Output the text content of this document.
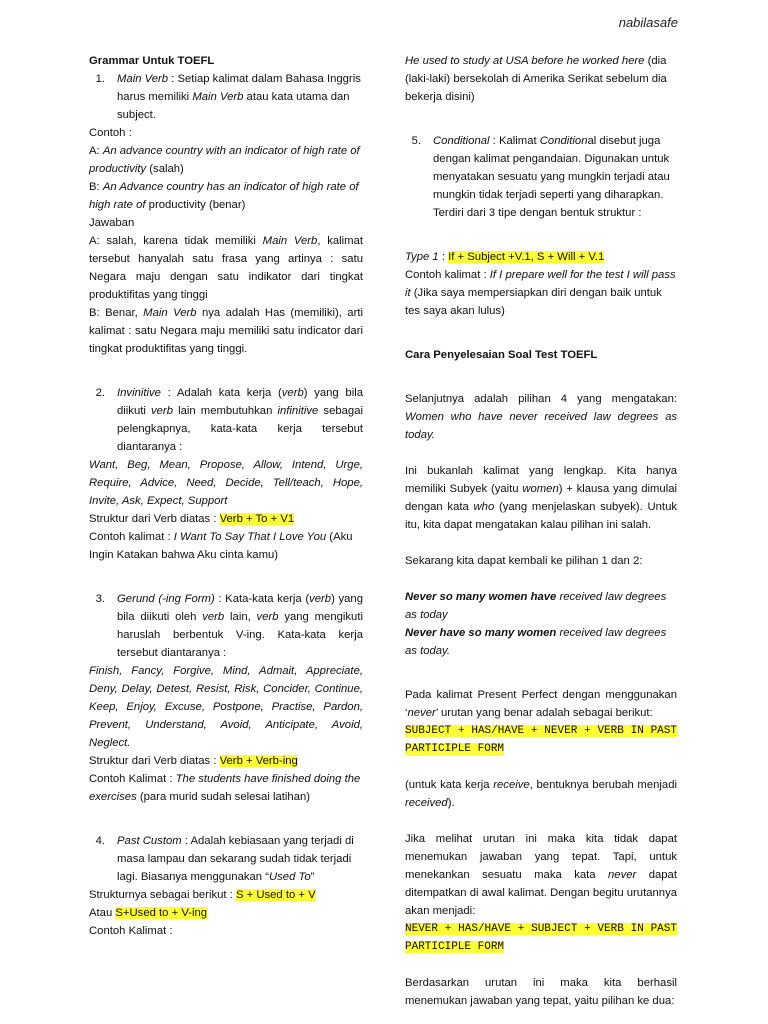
nabilasafe

Grammar Untuk TOEFL

1.	Main Verb : Setiap kalimat dalam Bahasa Inggris harus memiliki Main Verb atau kata utama dan subject.

Contoh :

A: An advance country with an indicator of high rate of productivity (salah)

B: An Advance country has an indicator of high rate of high rate of productivity (benar)

Jawaban

A: salah, karena tidak memiliki Main Verb, kalimat tersebut hanyalah satu frasa yang artinya : satu Negara maju dengan satu indikator dari tingkat produktifitas yang tinggi

B: Benar, Main Verb nya adalah Has (memiliki), arti kalimat : satu Negara maju memiliki satu indicator dari tingkat produktifitas yang tinggi.

2.	Invinitive : Adalah kata kerja (verb) yang bila diikuti verb lain membutuhkan infinitive sebagai pelengkapnya, kata-kata kerja tersebut diantaranya :

Want, Beg, Mean, Propose, Allow, Intend, Urge, Require, Advice, Need, Decide, Tell/teach, Hope, Invite, Ask, Expect, Support

Struktur dari Verb diatas : Verb + To + V1

Contoh kalimat : I Want To Say That I Love You (Aku Ingin Katakan bahwa Aku cinta kamu)

3.	Gerund (-ing Form) : Kata-kata kerja (verb) yang bila diikuti oleh verb lain, verb yang mengikuti haruslah berbentuk V-ing. Kata-kata kerja tersebut diantaranya :

Finish, Fancy, Forgive, Mind, Admait, Appreciate, Deny, Delay, Detest, Resist, Risk, Concider, Continue, Keep, Enjoy, Excuse, Postpone, Practise, Pardon, Prevent, Understand, Avoid, Anticipate, Avoid, Neglect.

Struktur dari Verb diatas : Verb + Verb-ing

Contoh Kalimat : The students have finished doing the exercises (para murid sudah selesai latihan)

4.	Past Custom : Adalah kebiasaan yang terjadi di masa lampau dan sekarang sudah tidak terjadi lagi. Biasanya menggunakan “Used To”

Strukturnya sebagai berikut : S + Used to + V

Atau S+Used to + V-ing

Contoh Kalimat :

He used to study at USA before he worked here (dia (laki-laki) bersekolah di Amerika Serikat sebelum dia bekerja disini)

5.	Conditional : Kalimat Conditional disebut juga dengan kalimat pengandaian. Digunakan untuk menyatakan sesuatu yang mungkin terjadi atau mungkin tidak terjadi seperti yang diharapkan. Terdiri dari 3 tipe dengan bentuk struktur :

Type 1 : If + Subject +V.1, S + Will + V.1

Contoh kalimat : If I prepare well for the test I will pass it (Jika saya mempersiapkan diri dengan baik untuk tes saya akan lulus)

Cara Penyelesaian Soal Test TOEFL

Selanjutnya adalah pilihan 4 yang mengatakan: Women who have never received law degrees as today.

Ini bukanlah kalimat yang lengkap. Kita hanya memiliki Subyek (yaitu women) + klausa yang dimulai dengan kata who (yang menjelaskan subyek). Untuk itu, kita dapat mengatakan kalau pilihan ini salah.

Sekarang kita dapat kembali ke pilihan 1 dan 2:

Never so many women have received law degrees as today

Never have so many women received law degrees as today.

Pada kalimat Present Perfect dengan menggunakan ‘never’ urutan yang benar adalah sebagai berikut:

SUBJECT + HAS/HAVE + NEVER + VERB IN PAST PARTICIPLE FORM

(untuk kata kerja receive, bentuknya berubah menjadi received).

Jika melihat urutan ini maka kita tidak dapat menemukan jawaban yang tepat. Tapi, untuk menekankan sesuatu maka kata never dapat ditempatkan di awal kalimat. Dengan begitu urutannya akan menjadi:

NEVER + HAS/HAVE + SUBJECT + VERB IN PAST PARTICIPLE FORM

Berdasarkan urutan ini maka kita berhasil menemukan jawaban yang tepat, yaitu pilihan ke dua:
